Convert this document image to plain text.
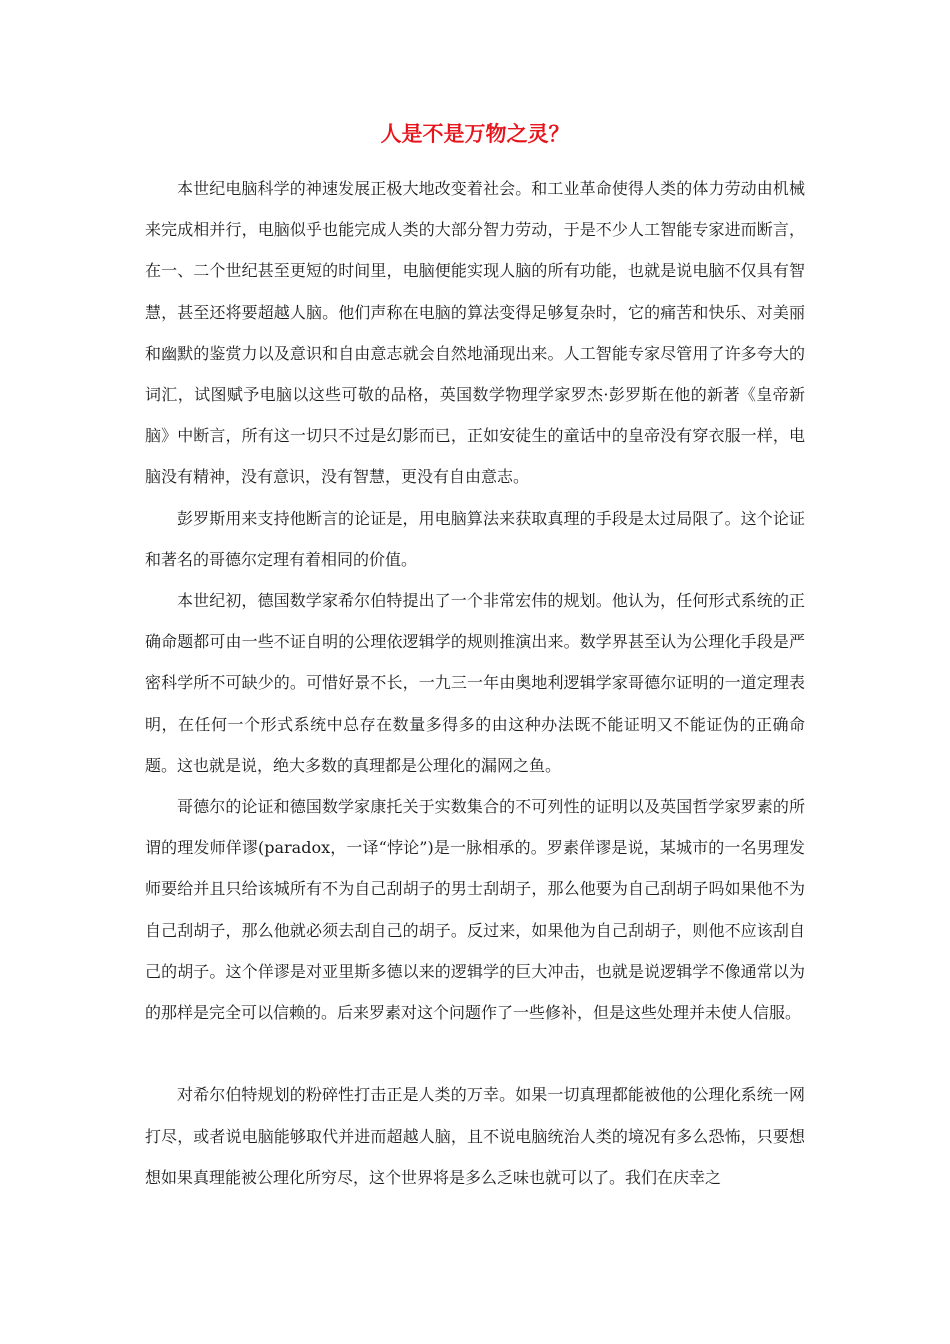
人是不是万物之灵？

本世纪电脑科学的神速发展正极大地改变着社会。和工业革命使得人类的体力劳动由机械来完成相并行，电脑似乎也能完成人类的大部分智力劳动，于是不少人工智能专家进而断言，在一、二个世纪甚至更短的时间里，电脑便能实现人脑的所有功能，也就是说电脑不仅具有智慧，甚至还将要超越人脑。他们声称在电脑的算法变得足够复杂时，它的痛苦和快乐、对美丽和幽默的鉴赏力以及意识和自由意志就会自然地涌现出来。人工智能专家尽管用了许多夸大的词汇，试图赋予电脑以这些可敬的品格，英国数学物理学家罗杰·彭罗斯在他的新著《皇帝新脑》中断言，所有这一切只不过是幻影而已，正如安徒生的童话中的皇帝没有穿衣服一样，电脑没有精神，没有意识，没有智慧，更没有自由意志。

彭罗斯用来支持他断言的论证是，用电脑算法来获取真理的手段是太过局限了。这个论证和著名的哥德尔定理有着相同的价值。

本世纪初，德国数学家希尔伯特提出了一个非常宏伟的规划。他认为，任何形式系统的正确命题都可由一些不证自明的公理依逻辑学的规则推演出来。数学界甚至认为公理化手段是严密科学所不可缺少的。可惜好景不长，一九三一年由奥地利逻辑学家哥德尔证明的一道定理表明，在任何一个形式系统中总存在数量多得多的由这种办法既不能证明又不能证伪的正确命题。这也就是说，绝大多数的真理都是公理化的漏网之鱼。

哥德尔的论证和德国数学家康托关于实数集合的不可列性的证明以及英国哲学家罗素的所谓的理发师佯谬(paradox，一译“悖论”)是一脉相承的。罗素佯谬是说，某城市的一名男理发师要给并且只给该城所有不为自己刮胡子的男士刮胡子，那么他要为自己刮胡子吗如果他不为自己刮胡子，那么他就必须去刮自己的胡子。反过来，如果他为自己刮胡子，则他不应该刮自己的胡子。这个佯谬是对亚里斯多德以来的逻辑学的巨大冲击，也就是说逻辑学不像通常以为的那样是完全可以信赖的。后来罗素对这个问题作了一些修补，但是这些处理并未使人信服。

对希尔伯特规划的粉碎性打击正是人类的万幸。如果一切真理都能被他的公理化系统一网打尽，或者说电脑能够取代并进而超越人脑，且不说电脑统治人类的境况有多么恐怖，只要想想如果真理能被公理化所穷尽，这个世界将是多么乏味也就可以了。我们在庆幸之
